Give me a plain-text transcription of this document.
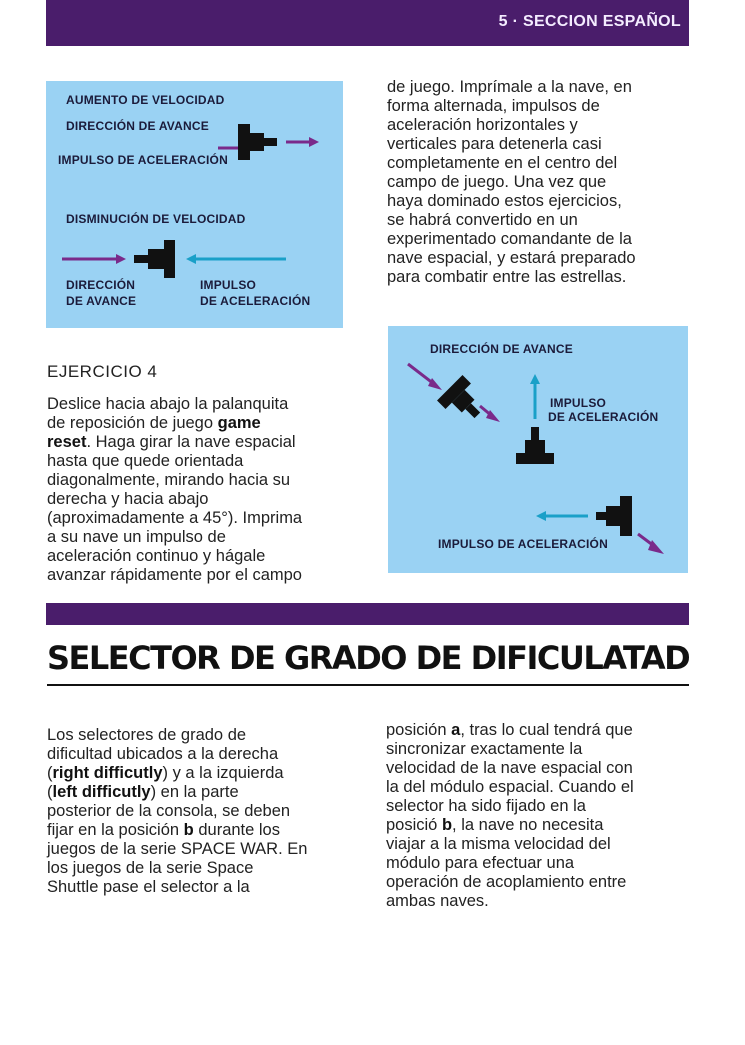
5 · SECCION ESPAÑOL
AUMENTO DE VELOCIDAD
DIRECCIÓN DE AVANCE
IMPULSO DE ACELERACIÓN
DISMINUCIÓN DE VELOCIDAD
DIRECCIÓN
DE AVANCE
IMPULSO
DE ACELERACIÓN

de juego. Imprímale a la nave, en

forma alternada, impulsos de

aceleración horizontales y

verticales para detenerla casi

completamente en el centro del

campo de juego. Una vez que

haya dominado estos ejercicios,

se habrá convertido en un

experimentado comandante de la

nave espacial, y estará preparado

para combatir entre las estrellas.

EJERCICIO 4

Deslice hacia abajo la palanquita

de reposición de juego game

reset. Haga girar la nave espacial

hasta que quede orientada

diagonalmente, mirando hacia su

derecha y hacia abajo

(aproximadamente a 45°). Imprima

a su nave un impulso de

aceleración continuo y hágale

avanzar rápidamente por el campo

DIRECCIÓN DE AVANCE
IMPULSO
DE ACELERACIÓN
IMPULSO DE ACELERACIÓN
SELECTOR DE GRADO DE DIFICULATAD

Los selectores de grado de

dificultad ubicados a la derecha

(right difficutly) y a la izquierda

(left difficutly) en la parte

posterior de la consola, se deben

fijar en la posición b durante los

juegos de la serie SPACE WAR. En

los juegos de la serie Space

Shuttle pase el selector a la

posición a, tras lo cual tendrá que

sincronizar exactamente la

velocidad de la nave espacial con

la del módulo espacial. Cuando el

selector ha sido fijado en la

posició b, la nave no necesita

viajar a la misma velocidad del

módulo para efectuar una

operación de acoplamiento entre

ambas naves.
